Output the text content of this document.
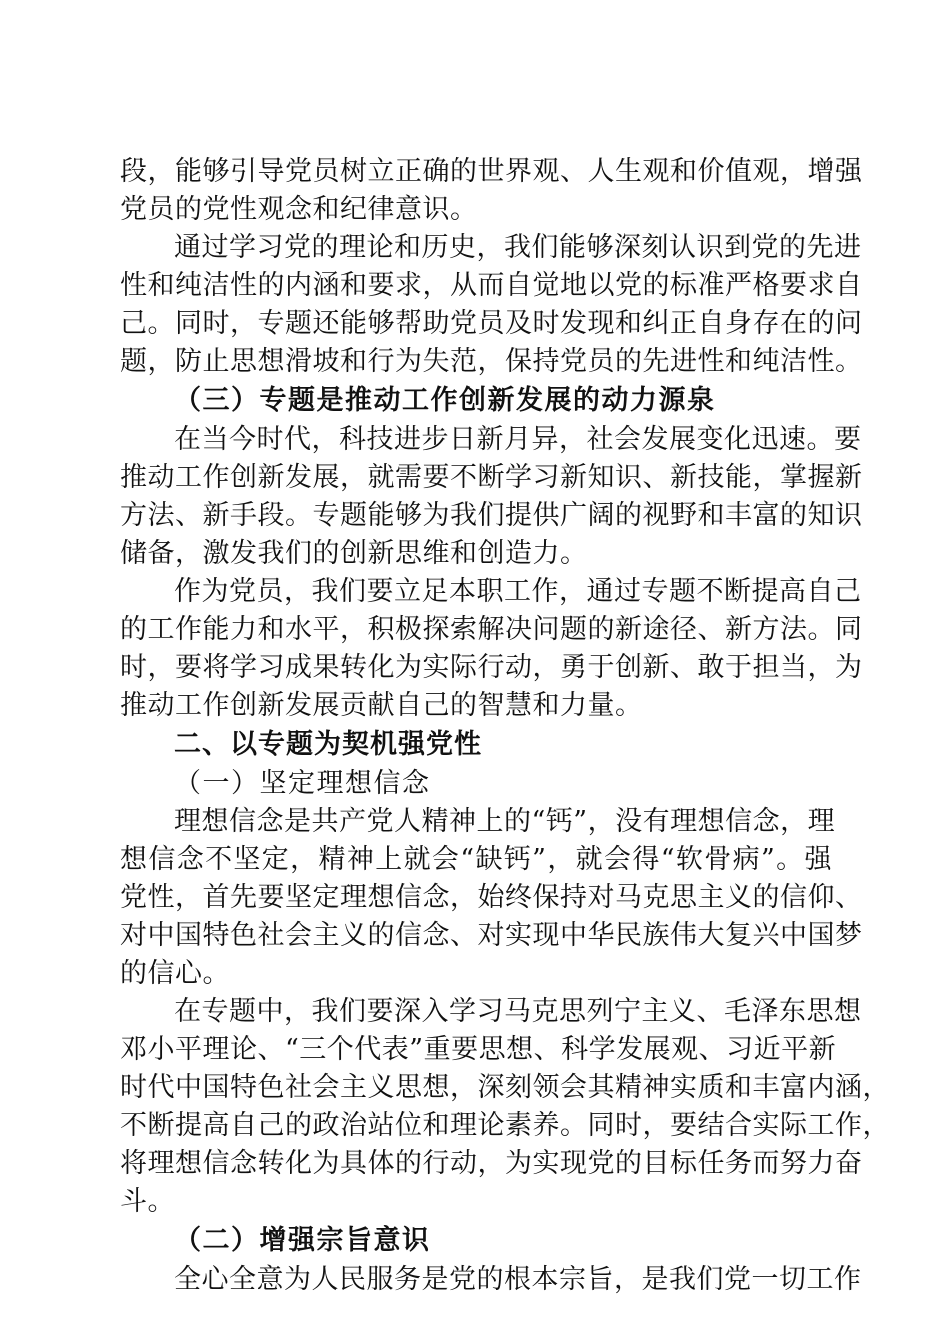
段，能够引导党员树立正确的世界观、人生观和价值观，增强
党员的党性观念和纪律意识。
通过学习党的理论和历史，我们能够深刻认识到党的先进
性和纯洁性的内涵和要求，从而自觉地以党的标准严格要求自
己。同时，专题还能够帮助党员及时发现和纠正自身存在的问
题，防止思想滑坡和行为失范，保持党员的先进性和纯洁性。
（三）专题是推动工作创新发展的动力源泉
在当今时代，科技进步日新月异，社会发展变化迅速。要
推动工作创新发展，就需要不断学习新知识、新技能，掌握新
方法、新手段。专题能够为我们提供广阔的视野和丰富的知识
储备，激发我们的创新思维和创造力。
作为党员，我们要立足本职工作，通过专题不断提高自己
的工作能力和水平，积极探索解决问题的新途径、新方法。同
时，要将学习成果转化为实际行动，勇于创新、敢于担当，为
推动工作创新发展贡献自己的智慧和力量。
二、以专题为契机强党性
（一）坚定理想信念
理想信念是共产党人精神上的“钙”，没有理想信念，理
想信念不坚定，精神上就会“缺钙”，就会得“软骨病”。强
党性，首先要坚定理想信念，始终保持对马克思主义的信仰、
对中国特色社会主义的信念、对实现中华民族伟大复兴中国梦
的信心。
在专题中，我们要深入学习马克思列宁主义、毛泽东思想
邓小平理论、“三个代表”重要思想、科学发展观、习近平新
时代中国特色社会主义思想，深刻领会其精神实质和丰富内涵，
不断提高自己的政治站位和理论素养。同时，要结合实际工作，
将理想信念转化为具体的行动，为实现党的目标任务而努力奋
斗。
（二）增强宗旨意识
全心全意为人民服务是党的根本宗旨，是我们党一切工作
